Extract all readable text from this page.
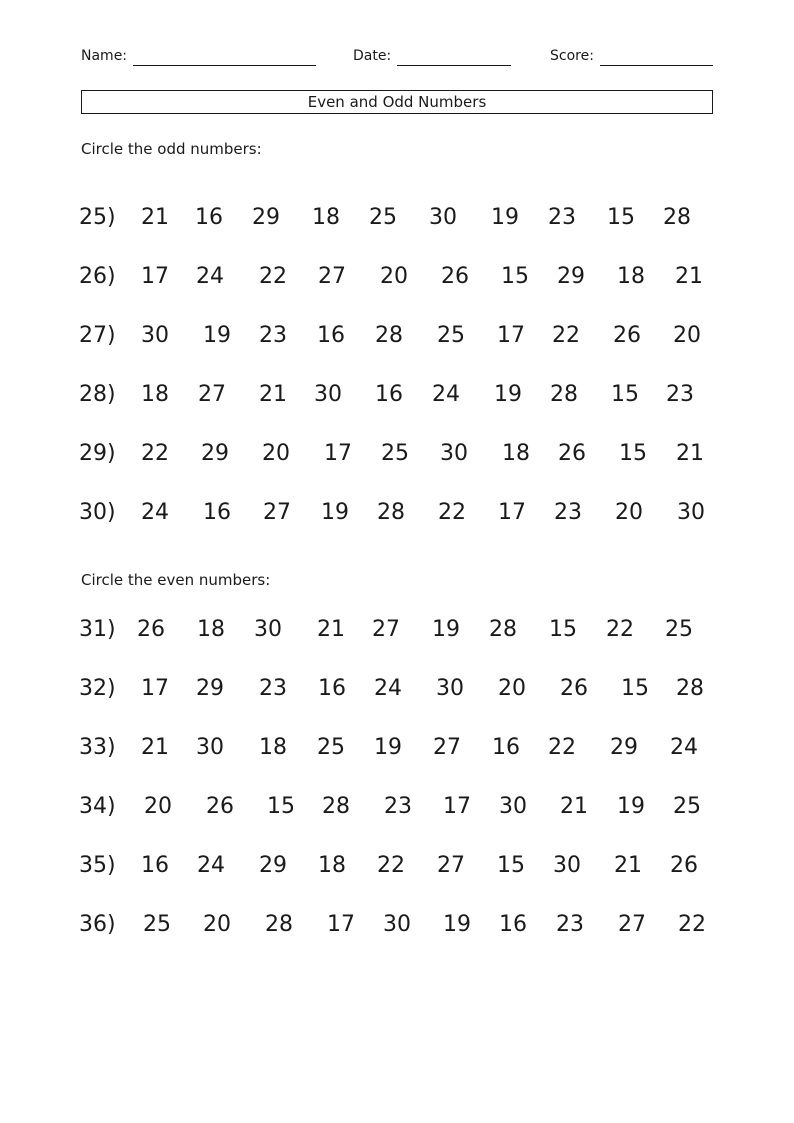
Name:	Date:	Score:
Even and Odd Numbers
Circle the odd numbers:
Circle the even numbers:
25) 21 16 29 18 25 30 19 23 15 28
26) 17 24 22 27 20 26 15 29 18 21
27) 30 19 23 16 28 25 17 22 26 20
28) 18 27 21 30 16 24 19 28 15 23
29) 22 29 20 17 25 30 18 26 15 21
30) 24 16 27 19 28 22 17 23 20 30
31) 26 18 30 21 27 19 28 15 22 25
32) 17 29 23 16 24 30 20 26 15 28
33) 21 30 18 25 19 27 16 22 29 24
34) 20 26 15 28 23 17 30 21 19 25
35) 16 24 29 18 22 27 15 30 21 26
36) 25 20 28 17 30 19 16 23 27 22
